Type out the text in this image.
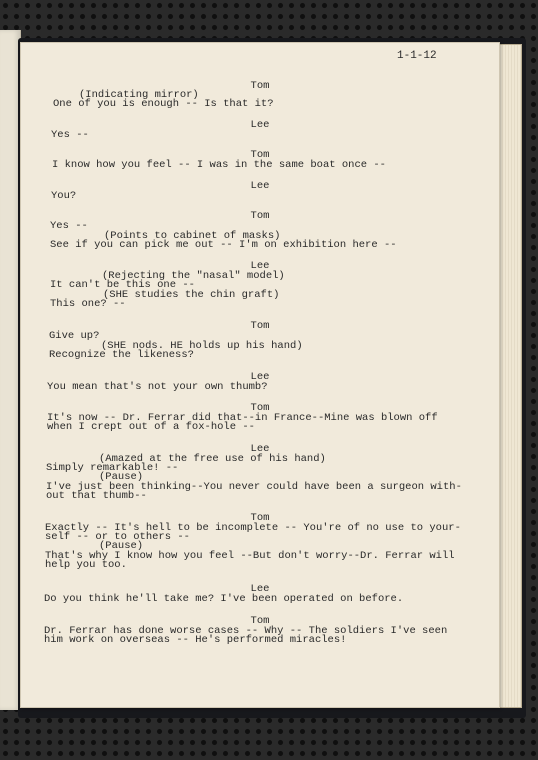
1-1-12
Tom
(Indicating mirror)
One of you is enough -- Is that it?
Lee
Yes --
Tom
I know how you feel -- I was in the same boat once --
Lee
You?
Tom
Yes --
(Points to cabinet of masks)
See if you can pick me out -- I'm on exhibition here --
Lee
(Rejecting the "nasal" model)
It can't be this one --
(SHE studies the chin graft)
This one? --
Tom
Give up?
(SHE nods. HE holds up his hand)
Recognize the likeness?
Lee
You mean that's not your own thumb?
Tom
It's now -- Dr. Ferrar did that--in France--Mine was blown off
when I crept out of a fox-hole --
Lee
(Amazed at the free use of his hand)
Simply remarkable! --
(Pause)
I've just been thinking--You never could have been a surgeon with-
out that thumb--
Tom
Exactly -- It's hell to be incomplete -- You're of no use to your-
self -- or to others --
(Pause)
That's why I know how you feel --But don't worry--Dr. Ferrar will
help you too.
Lee
Do you think he'll take me? I've been operated on before.
Tom
Dr. Ferrar has done worse cases -- Why -- The soldiers I've seen
him work on overseas -- He's performed miracles!
